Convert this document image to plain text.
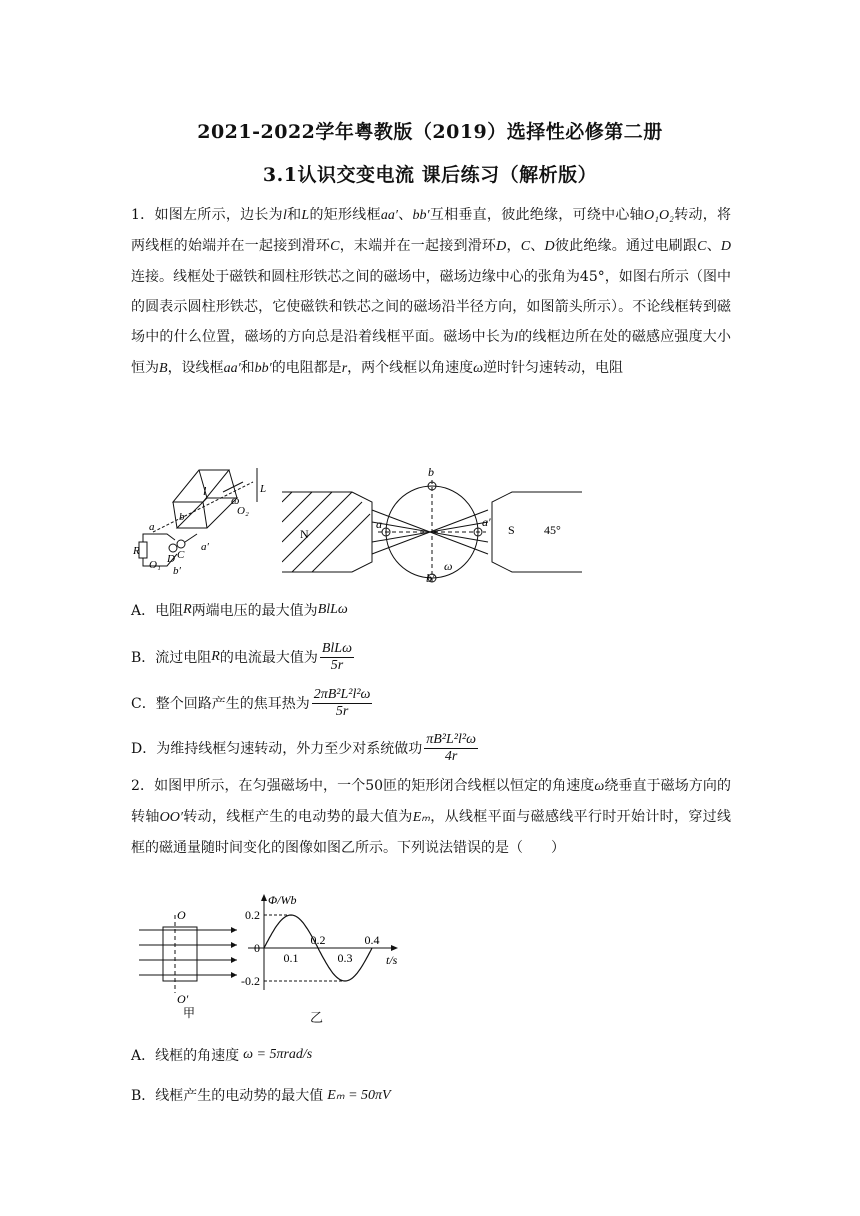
2021-2022学年粤教版（2019）选择性必修第二册
3.1认识交变电流 课后练习（解析版）
1．如图左所示，边长为l和L的矩形线框aa′、bb′互相垂直，彼此绝缘，可绕中心轴O₁O₂转动，将两线框的始端并在一起接到滑环C，末端并在一起接到滑环D，C、D彼此绝缘。通过电刷跟C、D连接。线框处于磁铁和圆柱形铁芯之间的磁场中，磁场边缘中心的张角为45°，如图右所示（图中的圆表示圆柱形铁芯，它使磁铁和铁芯之间的磁场沿半径方向，如图箭头所示）。不论线框转到磁场中的什么位置，磁场的方向总是沿着线框平面。磁场中长为l的线框边所在处的磁感应强度大小恒为B，设线框aa′和bb′的电阻都是r，两个线框以角速度ω逆时针匀速转动，电阻
l
ω
O₂
L
b
a
a′
R
O₁ D C
b′
b
N
a	a′
S
b′
ω
45°
A． 电阻 R 两端电压的最大值为 BlLω
B． 流过电阻 R 的电流最大值为 $\frac{\text{BlLω}}{5r}$
C． 整个回路产生的焦耳热为 $\frac{\text{2πB²L²l²ω}}{5r}$
D． 为维持线框匀速转动，外力至少对系统做功 $\frac{\text{πB²L²l²ω}}{4r}$
2．如图甲所示，在匀强磁场中，一个50匝的矩形闭合线框以恒定的角速度ω绕垂直于磁场方向的转轴OO′转动，线框产生的电动势的最大值为Eₘ，从线框平面与磁感线平行时开始计时，穿过线框的磁通量随时间变化的图像如图乙所示。下列说法错误的是（　　）
O
O′
甲
Φ/Wb
t/s
0.2
0
-0.2
0.1
0.2
0.3
0.4
乙
A． 线框的角速度 ω = 5πrad/s
B． 线框产生的电动势的最大值 Eₘ = 50πV
